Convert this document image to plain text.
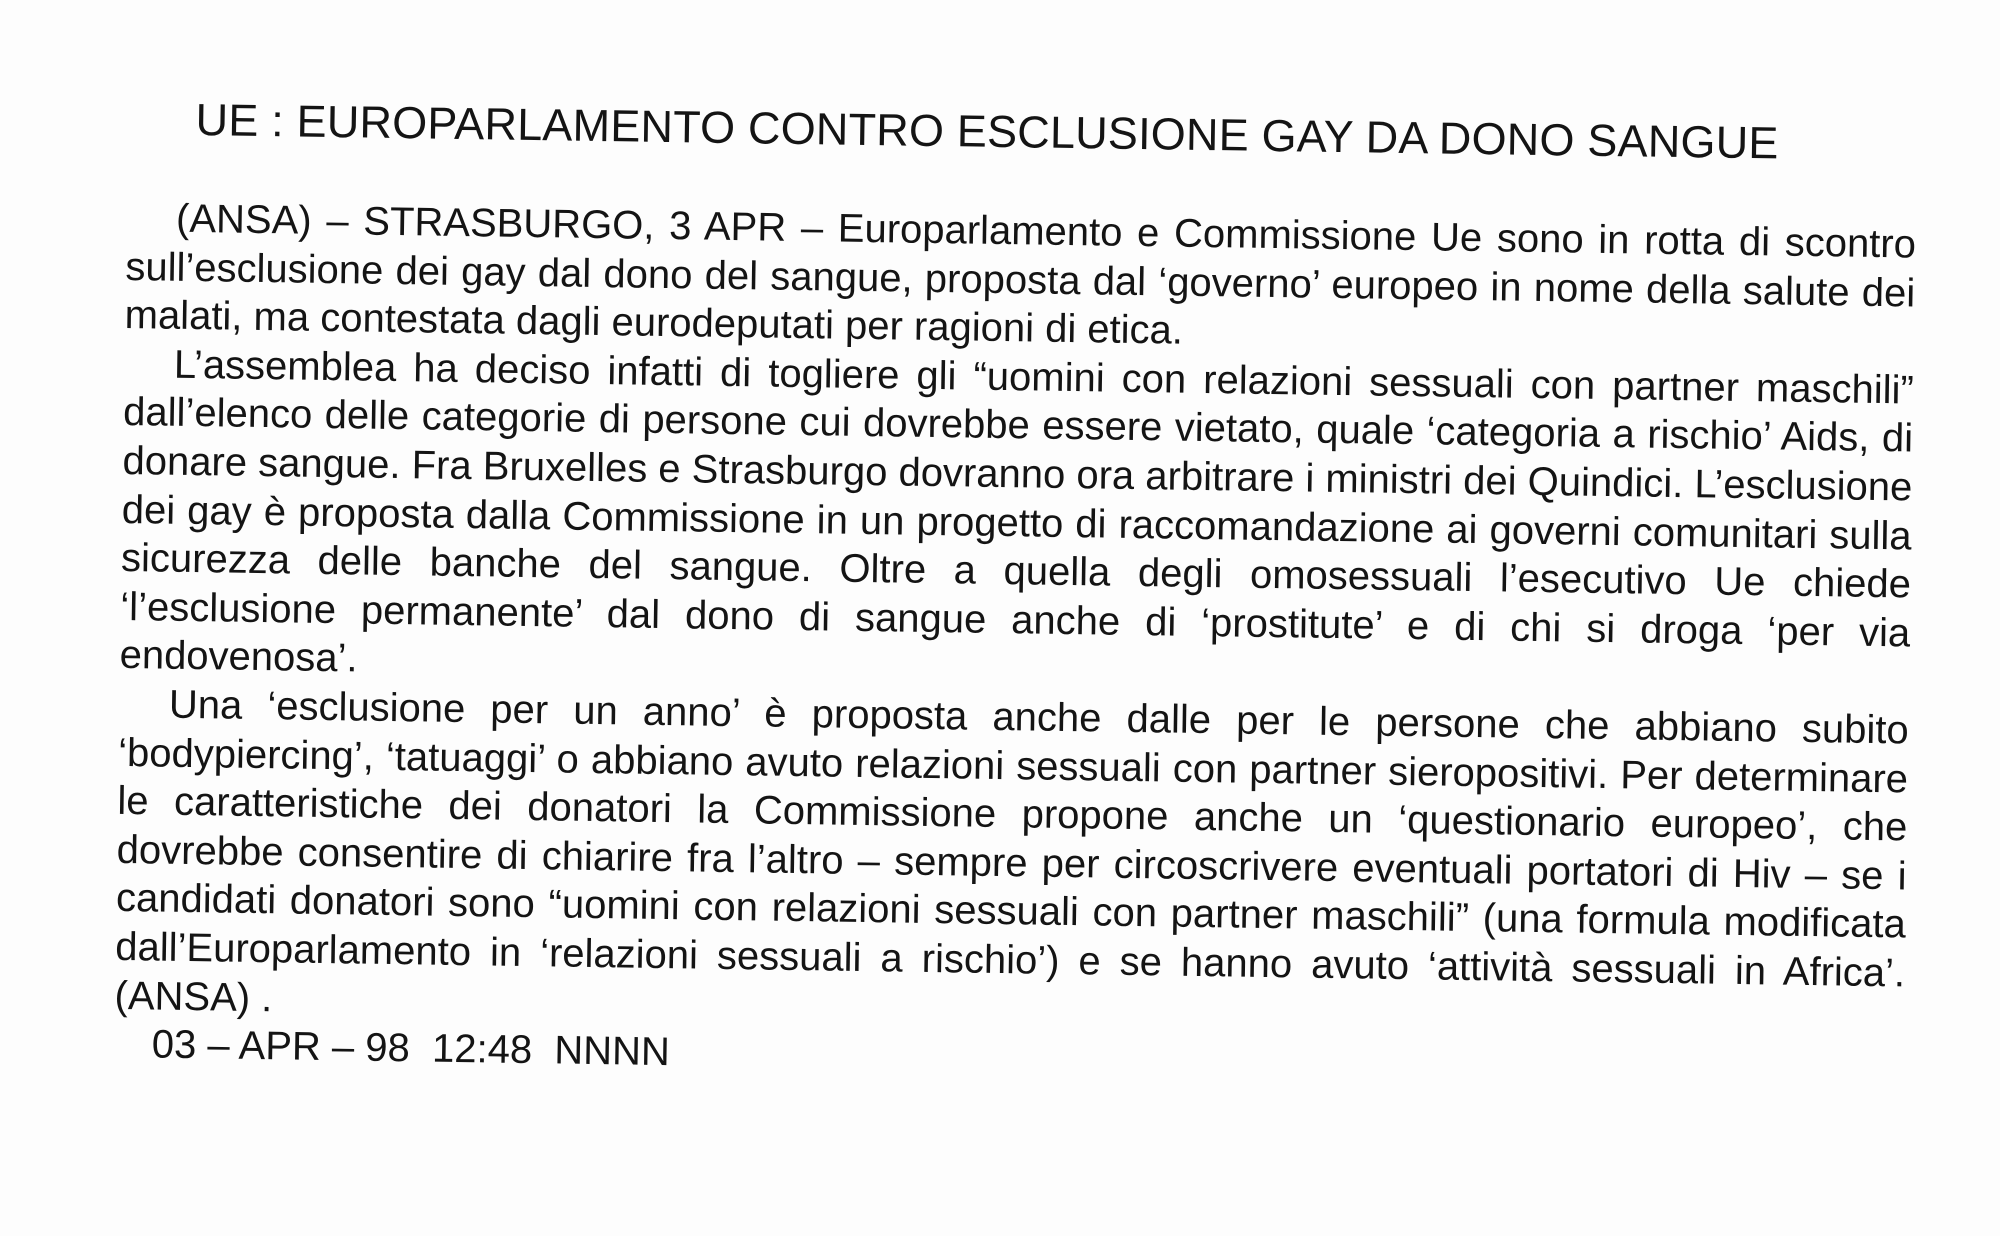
UE : EUROPARLAMENTO CONTRO ESCLUSIONE GAY DA DONO SANGUE

(ANSA) – STRASBURGO, 3 APR – Europarlamento e Commissione Ue sono in rotta di scontro sull’esclusione dei gay dal dono del sangue, proposta dal ‘governo’ europeo in nome della salute dei malati, ma contestata dagli eurodeputati per ragioni di etica.

L’assemblea ha deciso infatti di togliere gli “uomini con relazioni sessuali con partner maschili” dall’elenco delle categorie di persone cui dovrebbe essere vietato, quale ‘categoria a rischio’ Aids, di donare sangue. Fra Bruxelles e Strasburgo dovranno ora arbitrare i ministri dei Quindici. L’esclusione dei gay è proposta dalla Commissione in un progetto di raccomandazione ai governi comunitari sulla sicurezza delle banche del sangue. Oltre a quella degli omosessuali l’esecutivo Ue chiede ‘l’esclusione permanente’ dal dono di sangue anche di ‘prostitute’ e di chi si droga ‘per via endovenosa’.

Una ‘esclusione per un anno’ è proposta anche dalle per le persone che abbiano subito ‘bodypiercing’, ‘tatuaggi’ o abbiano avuto relazioni sessuali con partner sieropositivi. Per determinare le caratteristiche dei donatori la Commissione propone anche un ‘questionario europeo’, che dovrebbe consentire di chiarire fra l’altro – sempre per circoscrivere eventuali portatori di Hiv – se i candidati donatori sono “uomini con relazioni sessuali con partner maschili” (una formula modificata dall’Europarlamento in ‘relazioni sessuali a rischio’) e se hanno avuto ‘attività sessuali in Africa’. (ANSA) .

03 – APR – 98  12:48  NNNN
